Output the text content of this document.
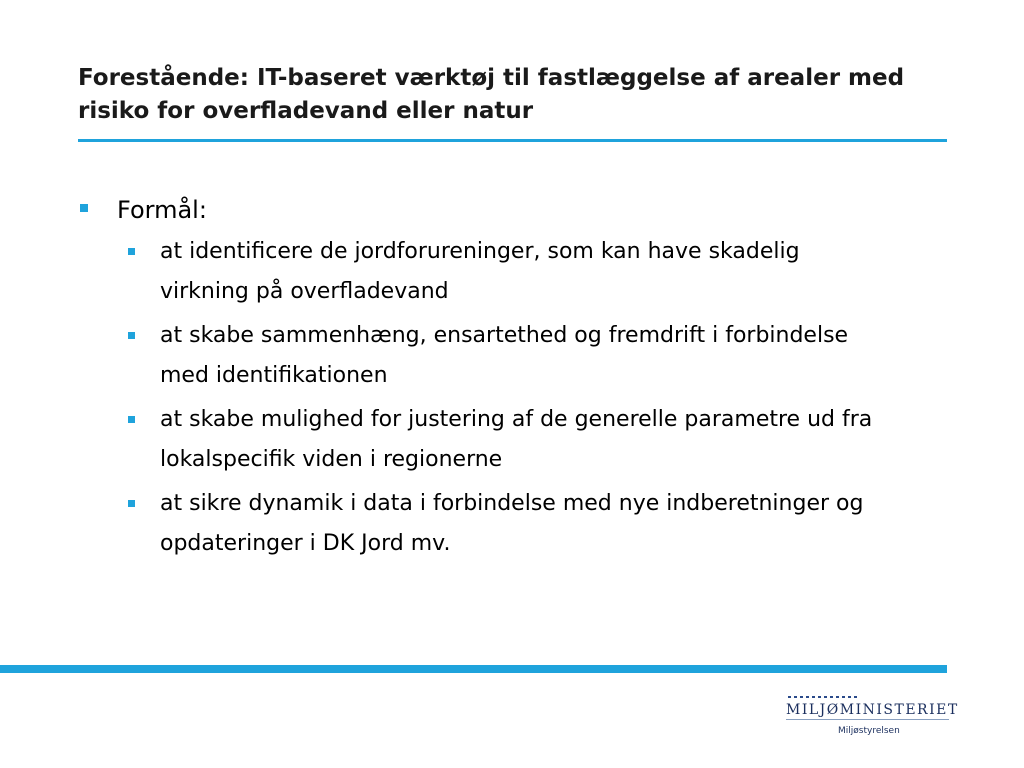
Forestående: IT-baseret værktøj til fastlæggelse af arealer med risiko for overfladevand eller natur
Formål:
at identificere de jordforureninger, som kan have skadelig virkning på overfladevand
at skabe sammenhæng, ensartethed og fremdrift i forbindelse med identifikationen
at skabe mulighed for justering af de generelle parametre ud fra lokalspecifik viden i regionerne
at sikre dynamik i data i forbindelse med nye indberetninger og opdateringer i DK Jord mv.
MILJØMINISTERIET
Miljøstyrelsen
